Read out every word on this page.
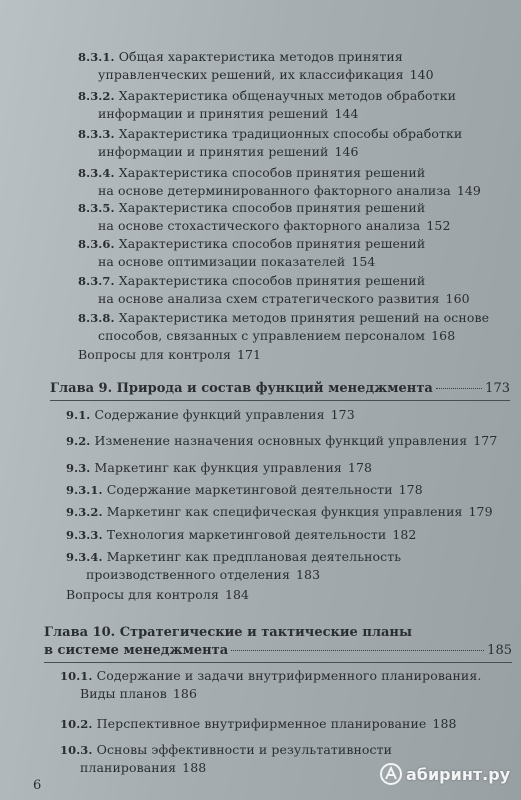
8.3.1. Общая характеристика методов принятия
управленческих решений, их классификация 140
8.3.2. Характеристика общенаучных методов обработки
информации и принятия решений 144
8.3.3. Характеристика традиционных способы обработки
информации и принятия решений 146
8.3.4. Характеристика способов принятия решений
на основе детерминированного факторного анализа 149
8.3.5. Характеристика способов принятия решений
на основе стохастического факторного анализа 152
8.3.6. Характеристика способов принятия решений
на основе оптимизации показателей 154
8.3.7. Характеристика способов принятия решений
на основе анализа схем стратегического развития 160
8.3.8. Характеристика методов принятия решений на основе
способов, связанных с управлением персоналом 168
Вопросы для контроля 171
Глава 9. Природа и состав функций менеджмента	173
9.1. Содержание функций управления 173
9.2. Изменение назначения основных функций управления 177
9.3. Маркетинг как функция управления 178
9.3.1. Содержание маркетинговой деятельности 178
9.3.2. Маркетинг как специфическая функция управления 179
9.3.3. Технология маркетинговой деятельности 182
9.3.4. Маркетинг как предплановая деятельность
производственного отделения 183
Вопросы для контроля 184
Глава 10. Стратегические и тактические планы
в системе менеджмента	185
10.1. Содержание и задачи внутрифирменного планирования.
Виды планов 186
10.2. Перспективное внутрифирменное планирование 188
10.3. Основы эффективности и результативности
планирования 188
6
абиринт.ру
